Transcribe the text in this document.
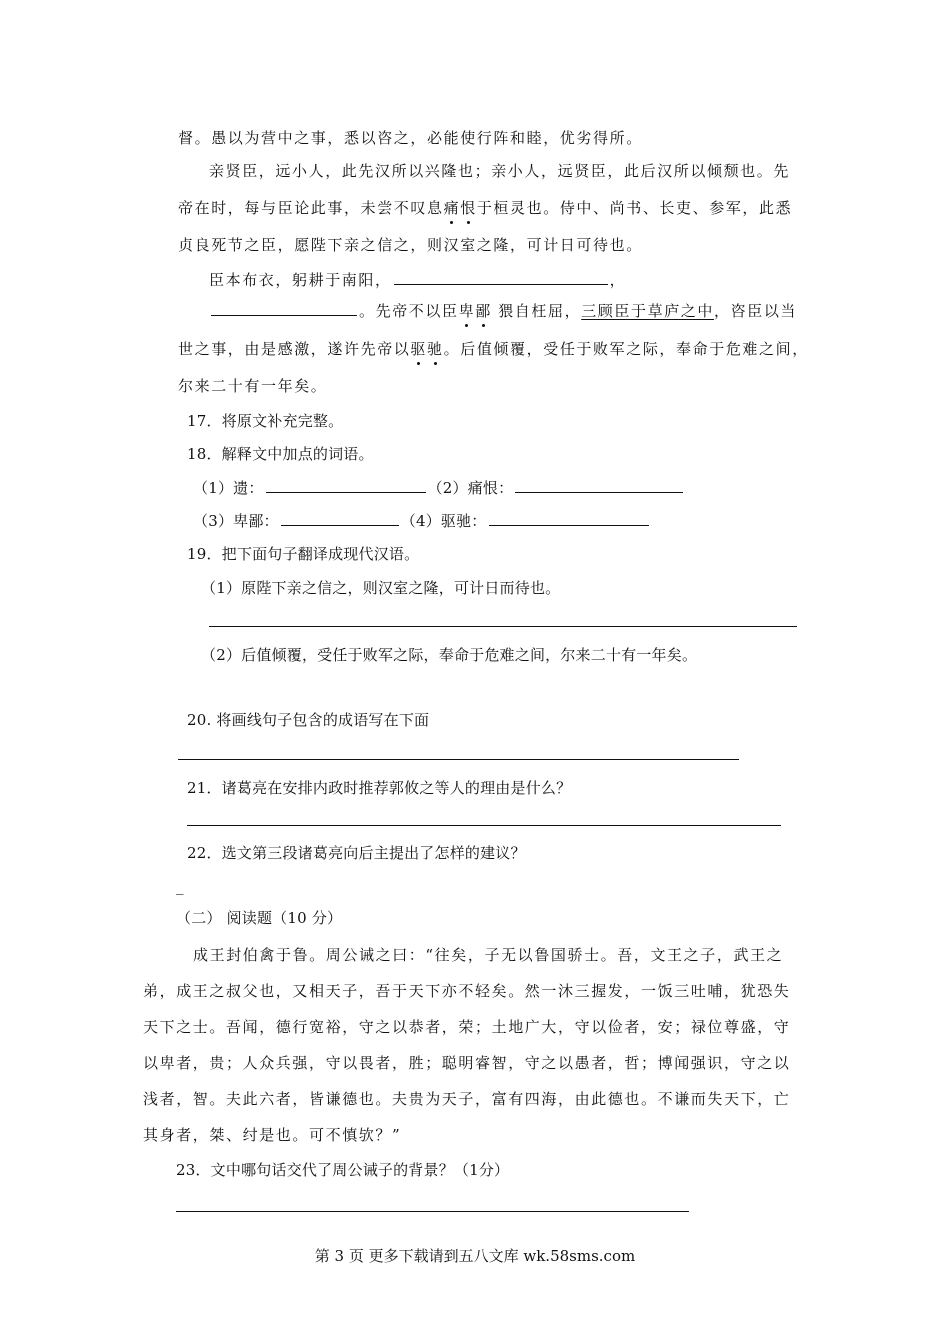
督。愚以为营中之事，悉以咨之，必能使行阵和睦，优劣得所。
亲贤臣，远小人，此先汉所以兴隆也；亲小人，远贤臣，此后汉所以倾颓也。先
帝在时，每与臣论此事，未尝不叹息痛恨于桓灵也。侍中、尚书、长吏、参军，此悉
贞良死节之臣，愿陛下亲之信之，则汉室之隆，可计日可待也。
臣本布衣，躬耕于南阳，	，
。先帝不以臣卑鄙 猥自枉屈，三顾臣于草庐之中，咨臣以当
世之事，由是感激，遂许先帝以驱驰。后值倾覆，受任于败军之际，奉命于危难之间，
尔来二十有一年矣。
17．将原文补充完整。
18．解释文中加点的词语。
（1）遗：	（2）痛恨：
（3）卑鄙：	（4）驱驰：
19．把下面句子翻译成现代汉语。
（1）原陛下亲之信之，则汉室之隆，可计日而待也。
（2）后值倾覆，受任于败军之际，奉命于危难之间，尔来二十有一年矣。
20. 将画线句子包含的成语写在下面
21．诸葛亮在安排内政时推荐郭攸之等人的理由是什么？
22．选文第三段诸葛亮向后主提出了怎样的建议？
_
（二） 阅读题（10 分）
成王封伯禽于鲁。周公诫之曰：“往矣，子无以鲁国骄士。吾，文王之子，武王之
弟，成王之叔父也，又相天子，吾于天下亦不轻矣。然一沐三握发，一饭三吐哺，犹恐失
天下之士。吾闻，德行宽裕，守之以恭者，荣；土地广大，守以俭者，安；禄位尊盛，守
以卑者，贵；人众兵强，守以畏者，胜；聪明睿智，守之以愚者，哲；博闻强识，守之以
浅者，智。夫此六者，皆谦德也。夫贵为天子，富有四海，由此德也。不谦而失天下，亡
其身者，桀、纣是也。可不慎欤？”
23．文中哪句话交代了周公诫子的背景？（1分）
第 3 页 更多下载请到五八文库 wk.58sms.com
